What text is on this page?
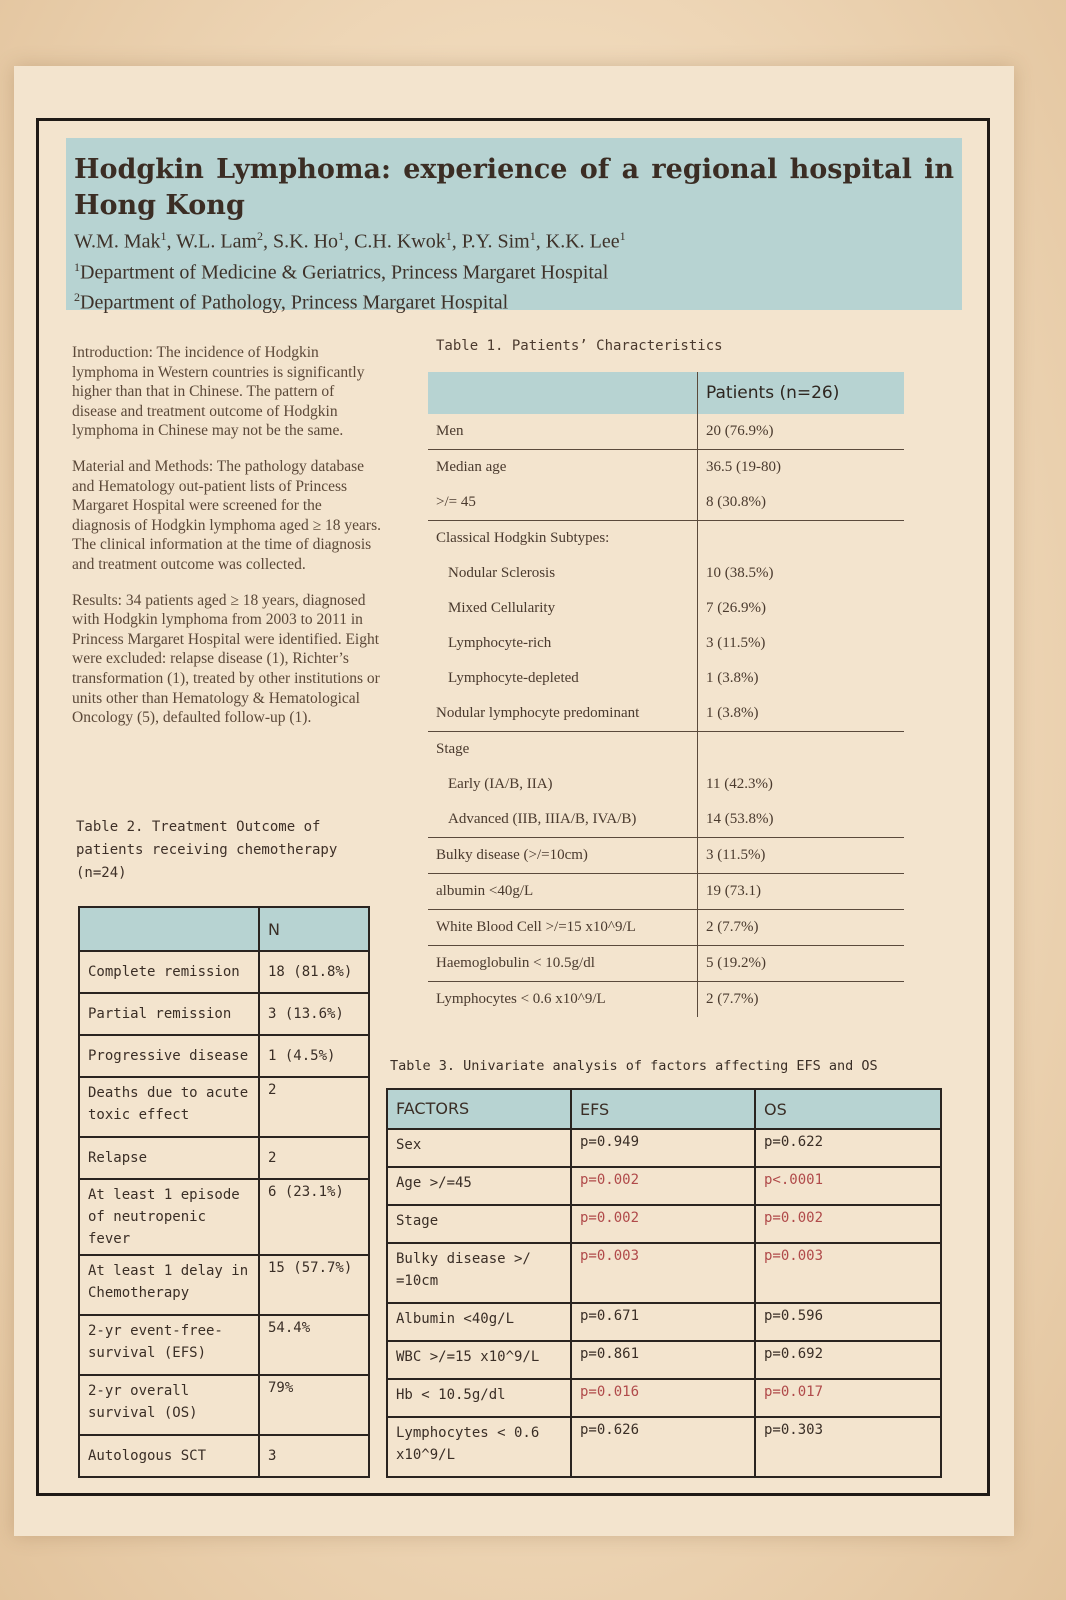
Hodgkin Lymphoma: experience of a regional hospital in Hong Kong
W.M. Mak$^1$, W.L. Lam$^2$, S.K. Ho$^1$, C.H. Kwok$^1$, P.Y. Sim$^1$, K.K. Lee$^1$
$^1$Department of Medicine & Geriatrics, Princess Margaret Hospital
$^2$Department of Pathology, Princess Margaret Hospital

Introduction: The incidence of Hodgkin lymphoma in Western countries is significantly higher than that in Chinese. The pattern of disease and treatment outcome of Hodgkin lymphoma in Chinese may not be the same.

Material and Methods: The pathology database and Hematology out-patient lists of Princess Margaret Hospital were screened for the diagnosis of Hodgkin lymphoma aged ≥ 18 years. The clinical information at the time of diagnosis and treatment outcome was collected.

Results: 34 patients aged ≥ 18 years, diagnosed with Hodgkin lymphoma from 2003 to 2011 in Princess Margaret Hospital were identified. Eight were excluded: relapse disease (1), Richter’s transformation (1), treated by other institutions or units other than Hematology & Hematological Oncology (5), defaulted follow-up (1).

Table 1. Patients’ Characteristics
	Patients (n=26)
Men	20 (76.9%)
Median age	36.5 (19-80)
>/= 45	8 (30.8%)
Classical Hodgkin Subtypes:	
Nodular Sclerosis	10 (38.5%)
Mixed Cellularity	7 (26.9%)
Lymphocyte-rich	3 (11.5%)
Lymphocyte-depleted	1 (3.8%)
Nodular lymphocyte predominant	1 (3.8%)
Stage	
Early (IA/B, IIA)	11 (42.3%)
Advanced (IIB, IIIA/B, IVA/B)	14 (53.8%)
Bulky disease (>/=10cm)	3 (11.5%)
albumin <40g/L	19 (73.1)
White Blood Cell >/=15 x10^9/L	2 (7.7%)
Haemoglobulin < 10.5g/dl	5 (19.2%)
Lymphocytes < 0.6 x10^9/L	2 (7.7%)
Table 2. Treatment Outcome of patients receiving chemotherapy (n=24)
	N
Complete remission	18 (81.8%)
Partial remission	3 (13.6%)
Progressive disease	1 (4.5%)
Deaths due to acute toxic effect	2
Relapse	2
At least 1 episode of neutropenic fever	6 (23.1%)
At least 1 delay in Chemotherapy	15 (57.7%)
2-yr event-free-survival (EFS)	54.4%
2-yr overall survival (OS)	79%
Autologous SCT	3
Table 3. Univariate analysis of factors affecting EFS and OS
FACTORS	EFS	OS
Sex	p=0.949	p=0.622
Age >/=45	p=0.002	p<.0001
Stage	p=0.002	p=0.002
Bulky disease >/ =10cm	p=0.003	p=0.003
Albumin <40g/L	p=0.671	p=0.596
WBC >/=15 x10^9/L	p=0.861	p=0.692
Hb < 10.5g/dl	p=0.016	p=0.017
Lymphocytes < 0.6 x10^9/L	p=0.626	p=0.303
